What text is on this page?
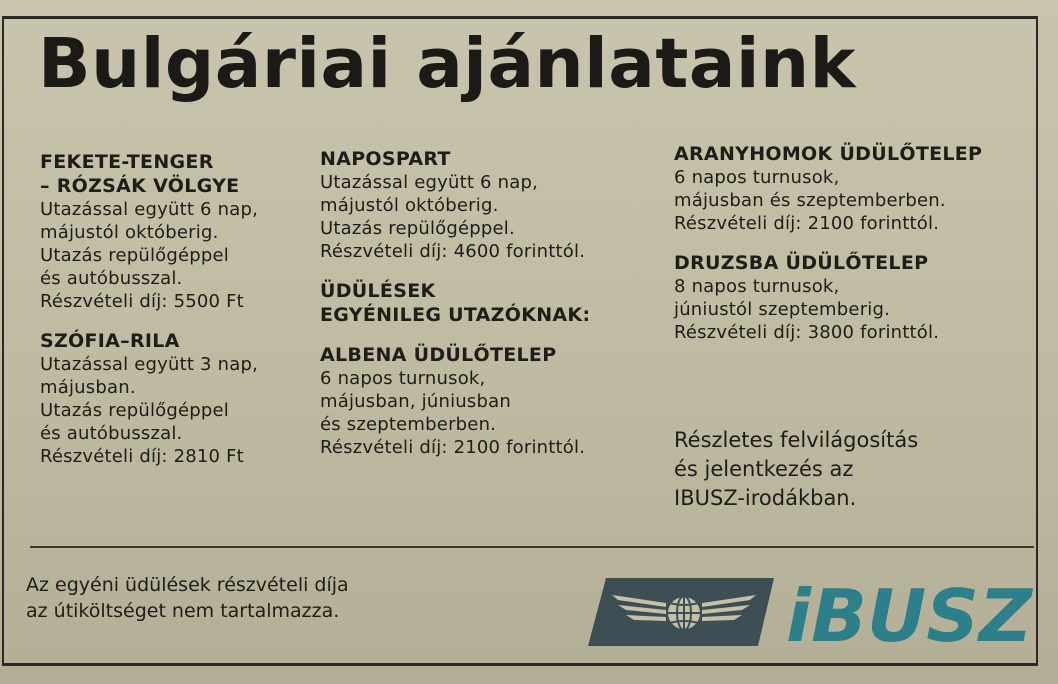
Bulgáriai ajánlataink

FEKETE-TENGER

– RÓZSÁK VÖLGYE

Utazással együtt 6 nap,

májustól októberig.

Utazás repülőgéppel

és autóbusszal.

Részvételi díj: 5500 Ft

SZÓFIA–RILA

Utazással együtt 3 nap,

májusban.

Utazás repülőgéppel

és autóbusszal.

Részvételi díj: 2810 Ft

NAPOSPART

Utazással együtt 6 nap,

májustól októberig.

Utazás repülőgéppel.

Részvételi díj: 4600 forinttól.

ÜDÜLÉSEK

EGYÉNILEG UTAZÓKNAK:

ALBENA ÜDÜLŐTELEP

6 napos turnusok,

májusban, júniusban

és szeptemberben.

Részvételi díj: 2100 forinttól.

ARANYHOMOK ÜDÜLŐTELEP

6 napos turnusok,

májusban és szeptemberben.

Részvételi díj: 2100 forinttól.

DRUZSBA ÜDÜLŐTELEP

8 napos turnusok,

júniustól szeptemberig.

Részvételi díj: 3800 forinttól.

Részletes felvilágosítás
és jelentkezés az
IBUSZ-irodákban.
Az egyéni üdülések részvételi díja
az útiköltséget nem tartalmazza.	iBUSZ
